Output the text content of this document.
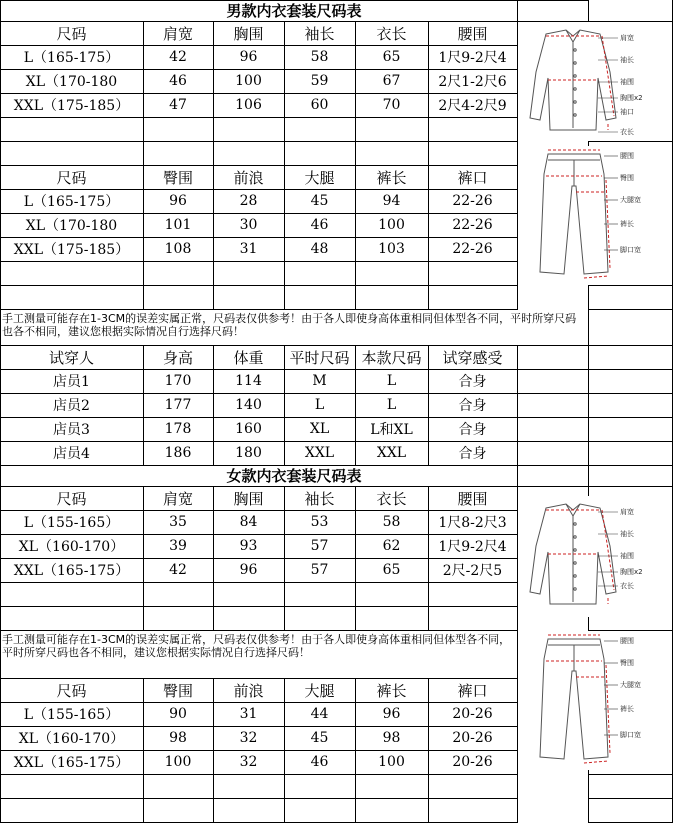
男款内衣套装尺码表
尺码	肩宽	胸围	袖长	衣长	腰围
L（165-175）	42	96	58	65	1尺9-2尺4
XL（170-180	46	100	59	67	2尺1-2尺6
XXL（175-185）	47	106	60	70	2尺4-2尺9
尺码	臀围	前浪	大腿	裤长	裤口
L（165-175）	96	28	45	94	22-26
XL（170-180	101	30	46	100	22-26
XXL（175-185）	108	31	48	103	22-26
手工测量可能存在1-3CM的误差实属正常，尺码表仅供参考！由于各人即使身高体重相同但体型各不同，平时所穿尺码也各不相同，建议您根据实际情况自行选择尺码！
试穿人	身高	体重	平时尺码 本款尺码	试穿感受
店员1	170	114	M	L	合身
店员2	177	140	L	L	合身
店员3	178	160	XL	L和XL	合身
店员4	186	180	XXL	XXL	合身
女款内衣套装尺码表
尺码	肩宽	胸围	袖长	衣长	腰围
L（155-165）	35	84	53	58	1尺8-2尺3
XL（160-170）	39	93	57	62	1尺9-2尺4
XXL（165-175）	42	96	57	65	2尺-2尺5
手工测量可能存在1-3CM的误差实属正常，尺码表仅供参考！由于各人即使身高体重相同但体型各不同，平时所穿尺码也各不相同，建议您根据实际情况自行选择尺码！
尺码	臀围	前浪	大腿	裤长	裤口
L（155-165）	90	31	44	96	20-26
XL（160-170）	98	32	45	98	20-26
XXL（165-175）	100	32	46	100	20-26
肩宽
袖长
袖围
胸围x2
袖口
衣长
腰围
臀围
大腿宽
裤长
脚口宽
肩宽
袖长
袖围
胸围x2
衣长
腰围
臀围
大腿宽
裤长
脚口宽
